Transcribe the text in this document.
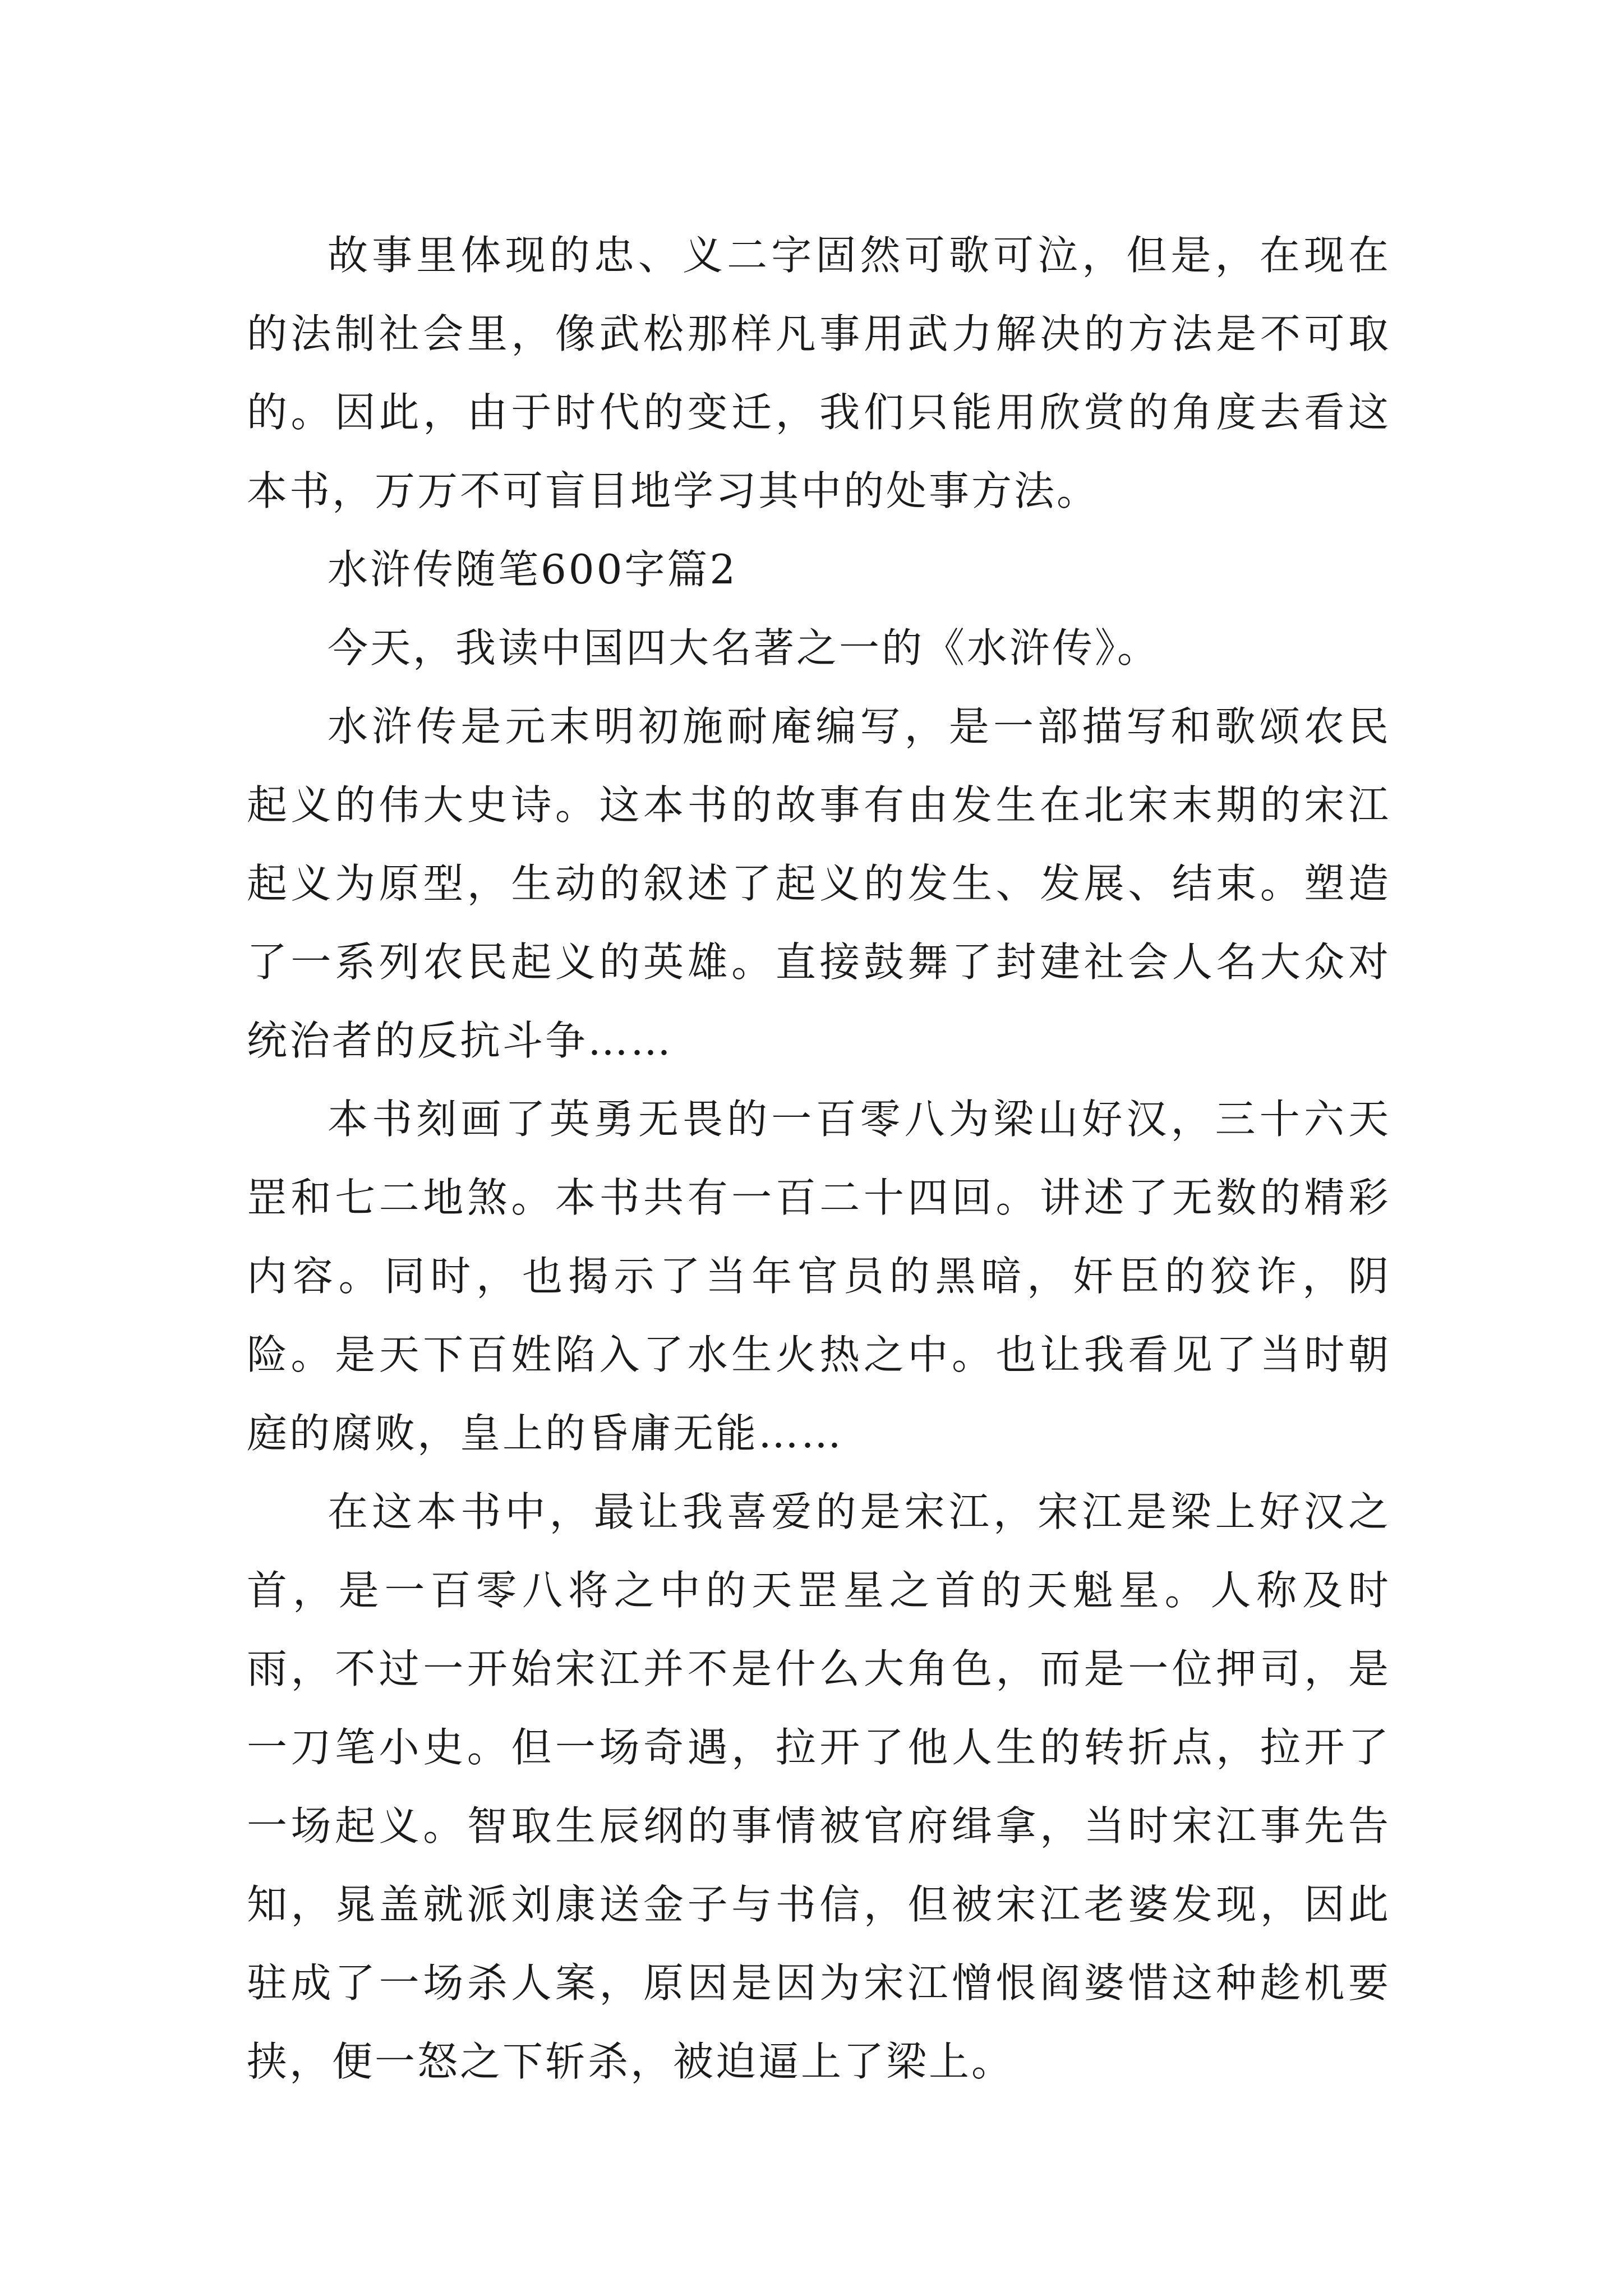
故事里体现的忠、义二字固然可歌可泣，但是，在现在的法制社会里，像武松那样凡事用武力解决的方法是不可取的。因此，由于时代的变迁，我们只能用欣赏的角度去看这本书，万万不可盲目地学习其中的处事方法。

水浒传随笔600字篇2

今天，我读中国四大名著之一的《水浒传》。

水浒传是元末明初施耐庵编写，是一部描写和歌颂农民起义的伟大史诗。这本书的故事有由发生在北宋末期的宋江起义为原型，生动的叙述了起义的发生、发展、结束。塑造了一系列农民起义的英雄。直接鼓舞了封建社会人名大众对统治者的反抗斗争……

本书刻画了英勇无畏的一百零八为梁山好汉，三十六天罡和七二地煞。本书共有一百二十四回。讲述了无数的精彩内容。同时，也揭示了当年官员的黑暗，奸臣的狡诈，阴险。是天下百姓陷入了水生火热之中。也让我看见了当时朝庭的腐败，皇上的昏庸无能……

在这本书中，最让我喜爱的是宋江，宋江是梁上好汉之首，是一百零八将之中的天罡星之首的天魁星。人称及时雨，不过一开始宋江并不是什么大角色，而是一位押司，是一刀笔小史。但一场奇遇，拉开了他人生的转折点，拉开了一场起义。智取生辰纲的事情被官府缉拿，当时宋江事先告知，晁盖就派刘康送金子与书信，但被宋江老婆发现，因此驻成了一场杀人案，原因是因为宋江憎恨阎婆惜这种趁机要挟，便一怒之下斩杀，被迫逼上了梁上。
